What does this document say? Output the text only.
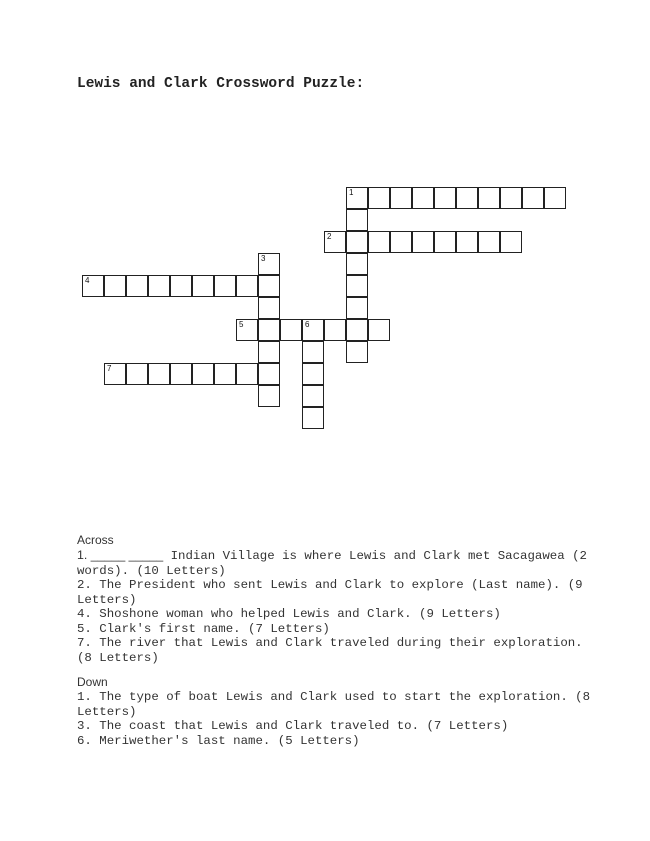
Lewis and Clark Crossword Puzzle:
1
2
3
4
5	6
7

Across

1. _____ _____ Indian Village is where Lewis and Clark met Sacagawea (2 words). (10 Letters)

2. The President who sent Lewis and Clark to explore (Last name). (9 Letters)

4. Shoshone woman who helped Lewis and Clark. (9 Letters)

5. Clark's first name. (7 Letters)

7. The river that Lewis and Clark traveled during their exploration. (8 Letters)

Down

1. The type of boat Lewis and Clark used to start the exploration. (8 Letters)

3. The coast that Lewis and Clark traveled to. (7 Letters)

6. Meriwether's last name. (5 Letters)
